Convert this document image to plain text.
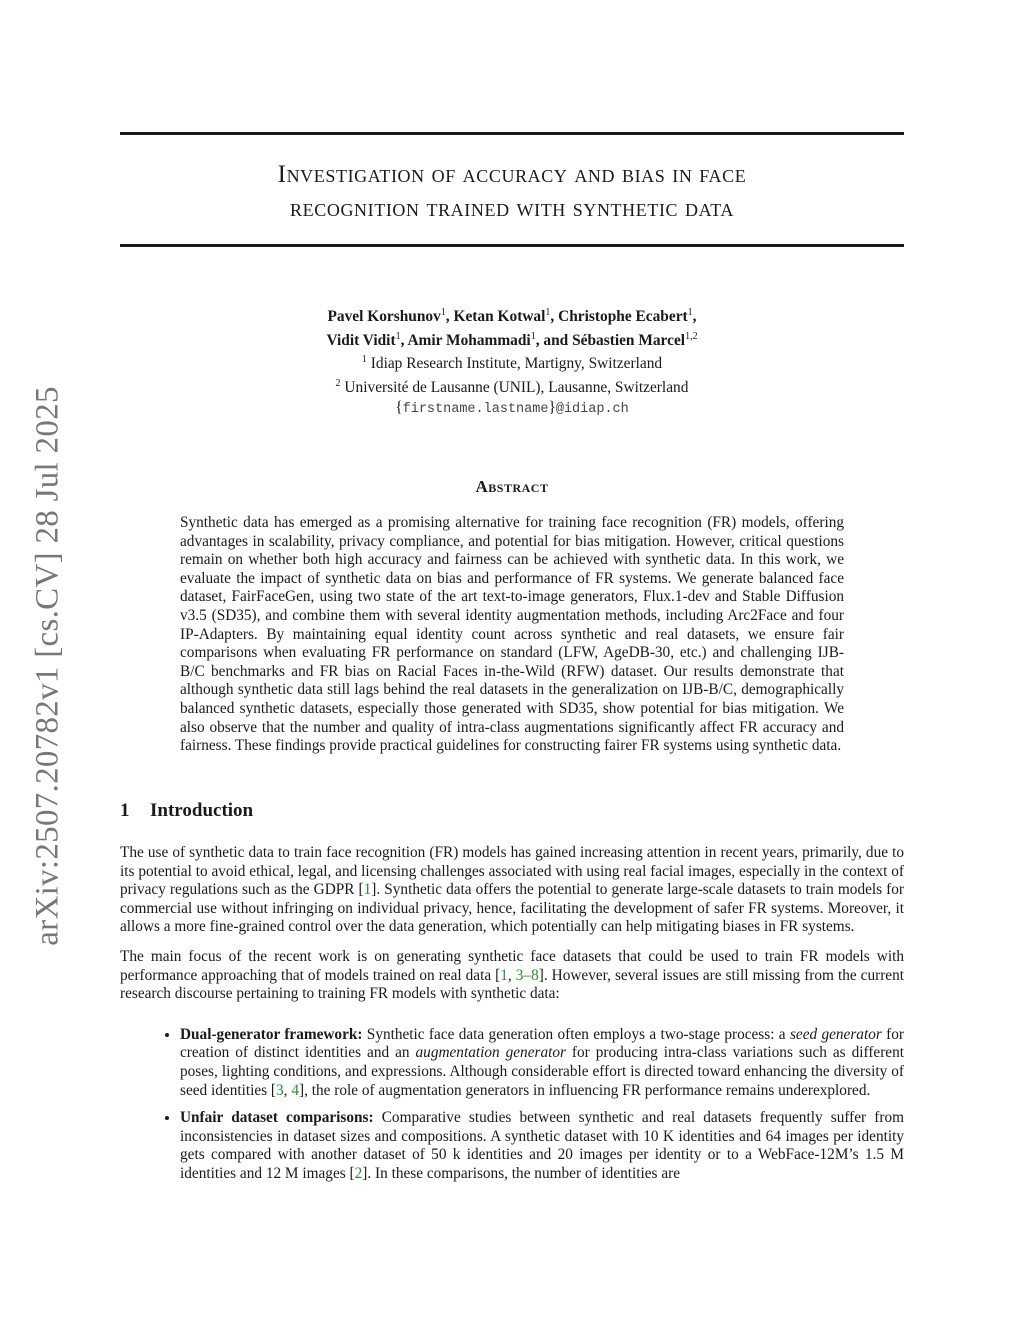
arXiv:2507.20782v1 [cs.CV] 28 Jul 2025
Investigation of accuracy and bias in face
recognition trained with synthetic data
Pavel Korshunov$^1$, Ketan Kotwal$^1$, Christophe Ecabert$^1$,
Vidit Vidit$^1$, Amir Mohammadi$^1$, and Sébastien Marcel$^{1,2}$
$^1$ Idiap Research Institute, Martigny, Switzerland
$^2$ Université de Lausanne (UNIL), Lausanne, Switzerland
{firstname.lastname}@idiap.ch
Abstract
Synthetic data has emerged as a promising alternative for training face recognition (FR) models, offering advantages in scalability, privacy compliance, and potential for bias mitigation. However, critical questions remain on whether both high accuracy and fairness can be achieved with synthetic data. In this work, we evaluate the impact of synthetic data on bias and performance of FR systems. We generate balanced face dataset, FairFaceGen, using two state of the art text-to-image generators, Flux.1-dev and Stable Diffusion v3.5 (SD35), and combine them with several identity augmentation methods, including Arc2Face and four IP-Adapters. By maintaining equal identity count across synthetic and real datasets, we ensure fair comparisons when evaluating FR performance on standard (LFW, AgeDB-30, etc.) and challenging IJB-B/C benchmarks and FR bias on Racial Faces in-the-Wild (RFW) dataset. Our results demonstrate that although synthetic data still lags behind the real datasets in the generalization on IJB-B/C, demographically balanced synthetic datasets, especially those generated with SD35, show potential for bias mitigation. We also observe that the number and quality of intra-class augmentations significantly affect FR accuracy and fairness. These findings provide practical guidelines for constructing fairer FR systems using synthetic data.
1 Introduction

The use of synthetic data to train face recognition (FR) models has gained increasing attention in recent years, primarily, due to its potential to avoid ethical, legal, and licensing challenges associated with using real facial images, especially in the context of privacy regulations such as the GDPR [1]. Synthetic data offers the potential to generate large-scale datasets to train models for commercial use without infringing on individual privacy, hence, facilitating the development of safer FR systems. Moreover, it allows a more fine-grained control over the data generation, which potentially can help mitigating biases in FR systems.

The main focus of the recent work is on generating synthetic face datasets that could be used to train FR models with performance approaching that of models trained on real data [1, 3–8]. However, several issues are still missing from the current research discourse pertaining to training FR models with synthetic data:

• Dual-generator framework: Synthetic face data generation often employs a two-stage process: a seed generator for creation of distinct identities and an augmentation generator for producing intra-class variations such as different poses, lighting conditions, and expressions. Although considerable effort is directed toward enhancing the diversity of seed identities [3, 4], the role of augmentation generators in influencing FR performance remains underexplored.
• Unfair dataset comparisons: Comparative studies between synthetic and real datasets frequently suffer from inconsistencies in dataset sizes and compositions. A synthetic dataset with 10 K identities and 64 images per identity gets compared with another dataset of 50 k identities and 20 images per identity or to a WebFace-12M’s 1.5 M identities and 12 M images [2]. In these comparisons, the number of identities are
